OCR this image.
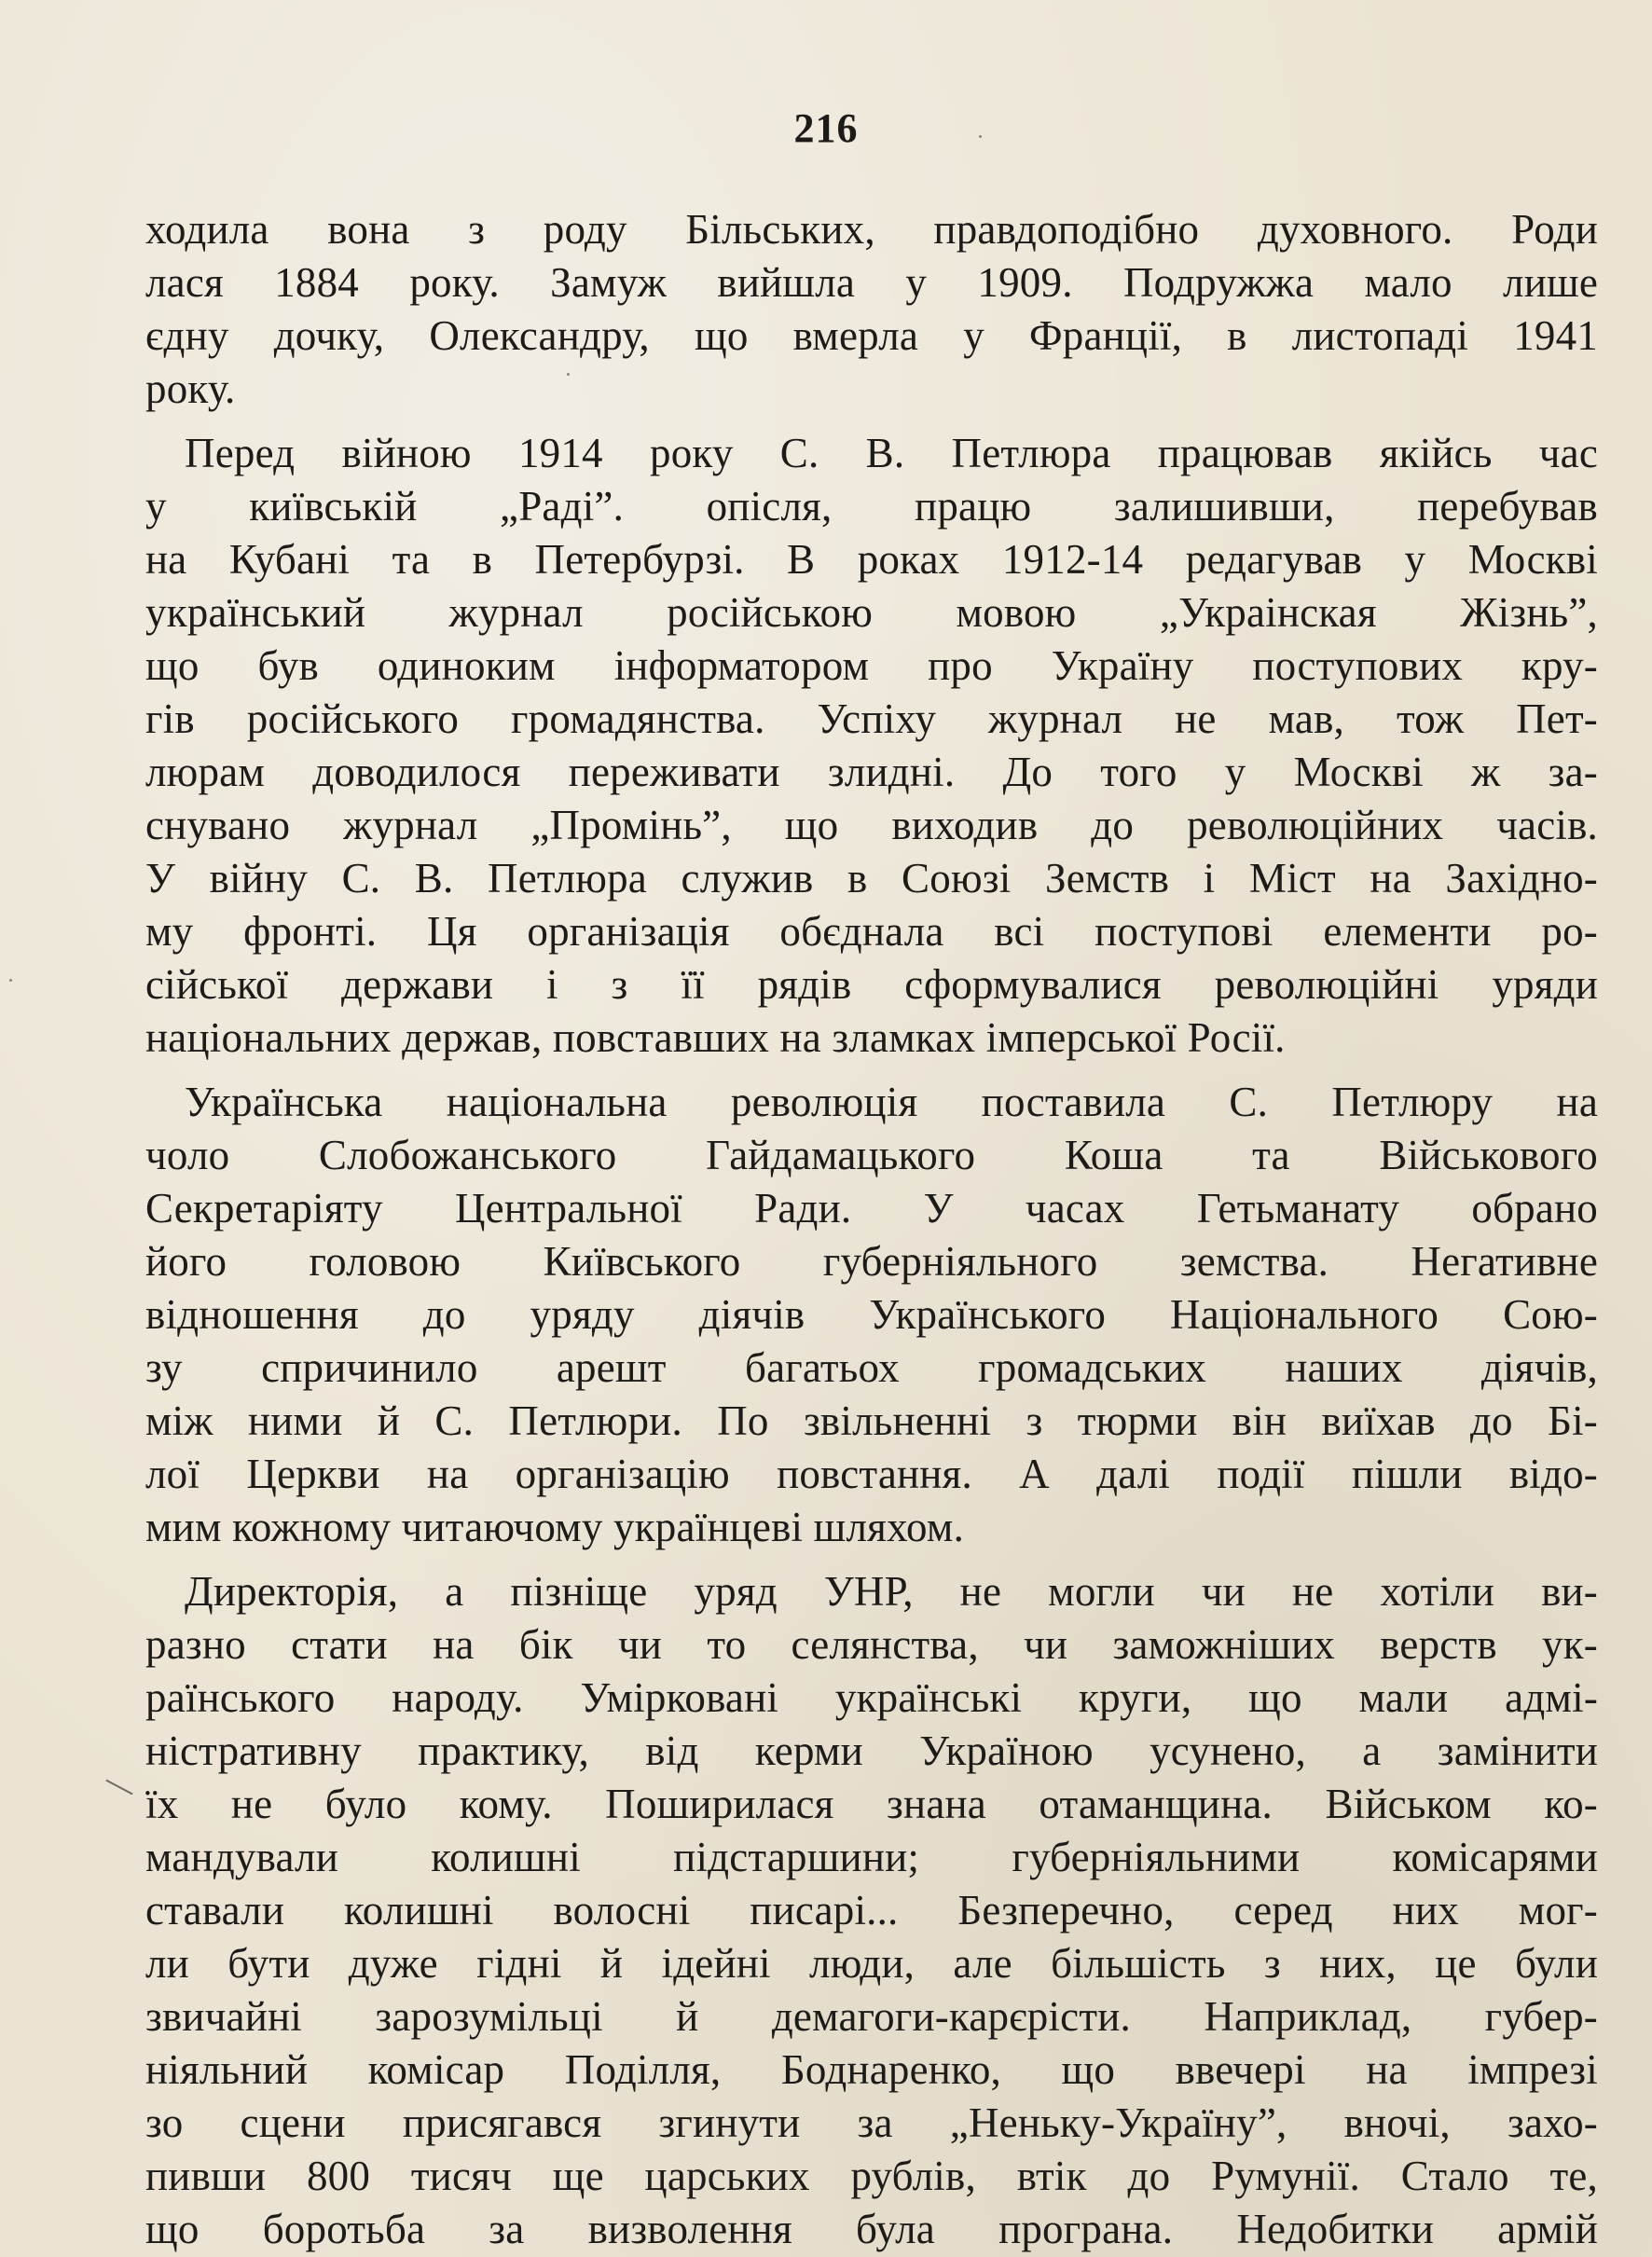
216
ходила вона з роду Більських, правдоподібно духовного. Роди
лася 1884 року. Замуж вийшла у 1909. Подружжа мало лише
єдну дочку, Олександру, що вмерла у Франції, в листопаді 1941
року.
Перед війною 1914 року С. В. Петлюра працював якійсь час
у київській „Раді”. опісля, працю залишивши, перебував
на Кубані та в Петербурзі. В роках 1912-14 редагував у Москві
український журнал російською мовою „Украінская Жізнь”,
що був одиноким інформатором про Україну поступових кру-
гів російського громадянства. Успіху журнал не мав, тож Пет-
люрам доводилося переживати злидні. До того у Москві ж за-
снувано журнал „Промінь”, що виходив до революційних часів.
У війну С. В. Петлюра служив в Союзі Земств і Міст на Західно-
му фронті. Ця організація обєднала всі поступові елементи ро-
сійської держави і з її рядів сформувалися революційні уряди
національних держав, повставших на зламках імперської Росії.
Українська національна революція поставила С. Петлюру на
чоло Слобожанського Гайдамацького Коша та Військового
Секретаріяту Центральної Ради. У часах Гетьманату обрано
його головою Київського губерніяльного земства. Негативне
відношення до уряду діячів Українського Національного Сою-
зу спричинило арешт багатьох громадських наших діячів,
між ними й С. Петлюри. По звільненні з тюрми він виїхав до Бі-
лої Церкви на організацію повстання. А далі події пішли відо-
мим кожному читаючому українцеві шляхом.
Директорія, а пізніще уряд УНР, не могли чи не хотіли ви-
разно стати на бік чи то селянства, чи заможніших верств ук-
раїнського народу. Умірковані українські круги, що мали адмі-
ністративну практику, від керми Україною усунено, а замінити
їх не було кому. Поширилася знана отаманщина. Військом ко-
мандували колишні підстаршини; губерніяльними комісарями
ставали колишні волосні писарі... Безперечно, серед них мог-
ли бути дуже гідні й ідейні люди, але більшість з них, це були
звичайні зарозумільці й демагоги-карєрісти. Наприклад, губер-
ніяльний комісар Поділля, Боднаренко, що ввечері на імпрезі
зо сцени присягався згинути за „Неньку-Україну”, вночі, захо-
пивши 800 тисяч ще царських рублів, втік до Румунії. Стало те,
що боротьба за визволення була програна. Недобитки армій
